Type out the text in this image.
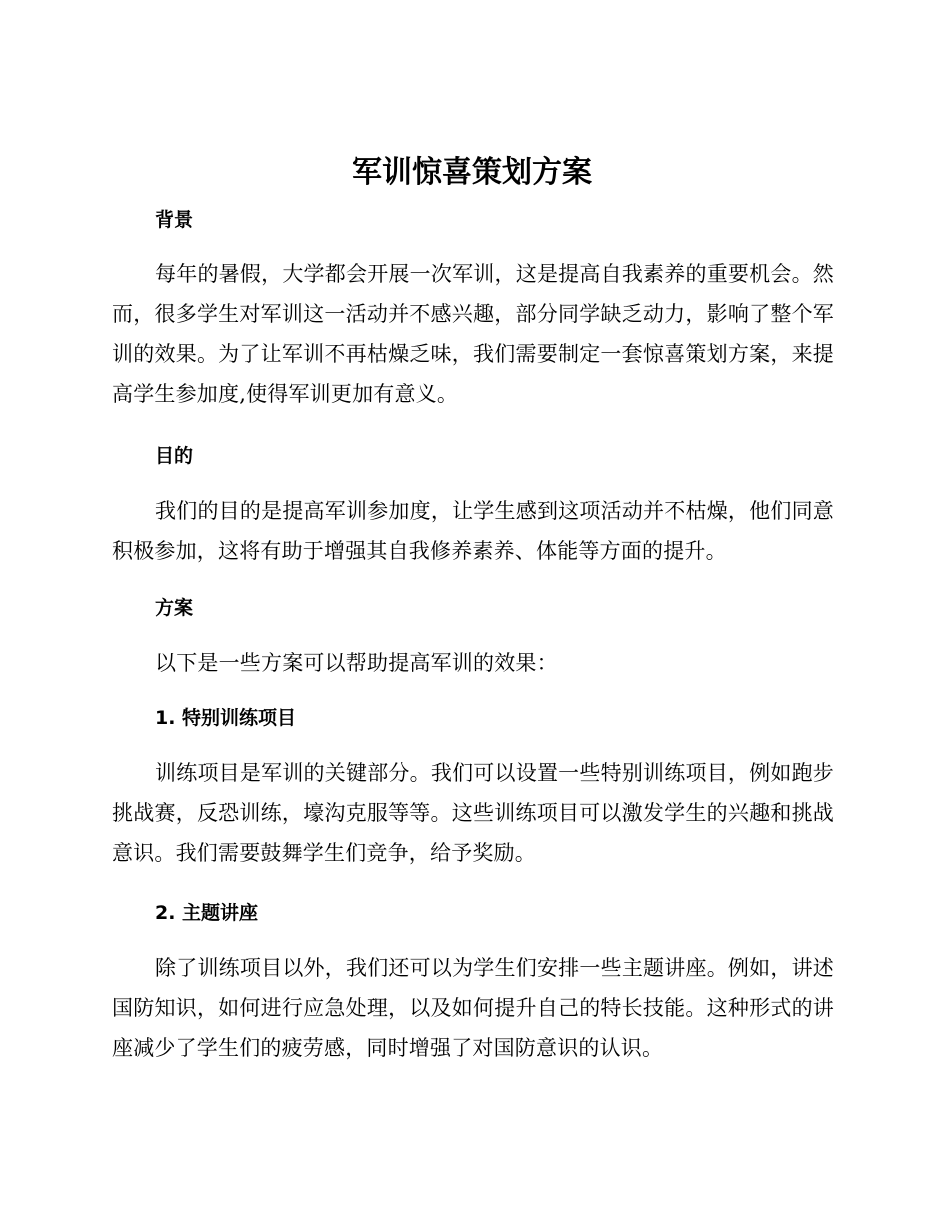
军训惊喜策划方案
背景

每年的暑假，大学都会开展一次军训，这是提高自我素养的重要机会。然而，很多学生对军训这一活动并不感兴趣，部分同学缺乏动力，影响了整个军训的效果。为了让军训不再枯燥乏味，我们需要制定一套惊喜策划方案，来提高学生参加度,使得军训更加有意义。

目的

我们的目的是提高军训参加度，让学生感到这项活动并不枯燥，他们同意积极参加，这将有助于增强其自我修养素养、体能等方面的提升。

方案

以下是一些方案可以帮助提高军训的效果：

1. 特别训练项目

训练项目是军训的关键部分。我们可以设置一些特别训练项目，例如跑步挑战赛，反恐训练，壕沟克服等等。这些训练项目可以激发学生的兴趣和挑战意识。我们需要鼓舞学生们竞争，给予奖励。

2. 主题讲座

除了训练项目以外，我们还可以为学生们安排一些主题讲座。例如，讲述国防知识，如何进行应急处理，以及如何提升自己的特长技能。这种形式的讲座减少了学生们的疲劳感，同时增强了对国防意识的认识。
